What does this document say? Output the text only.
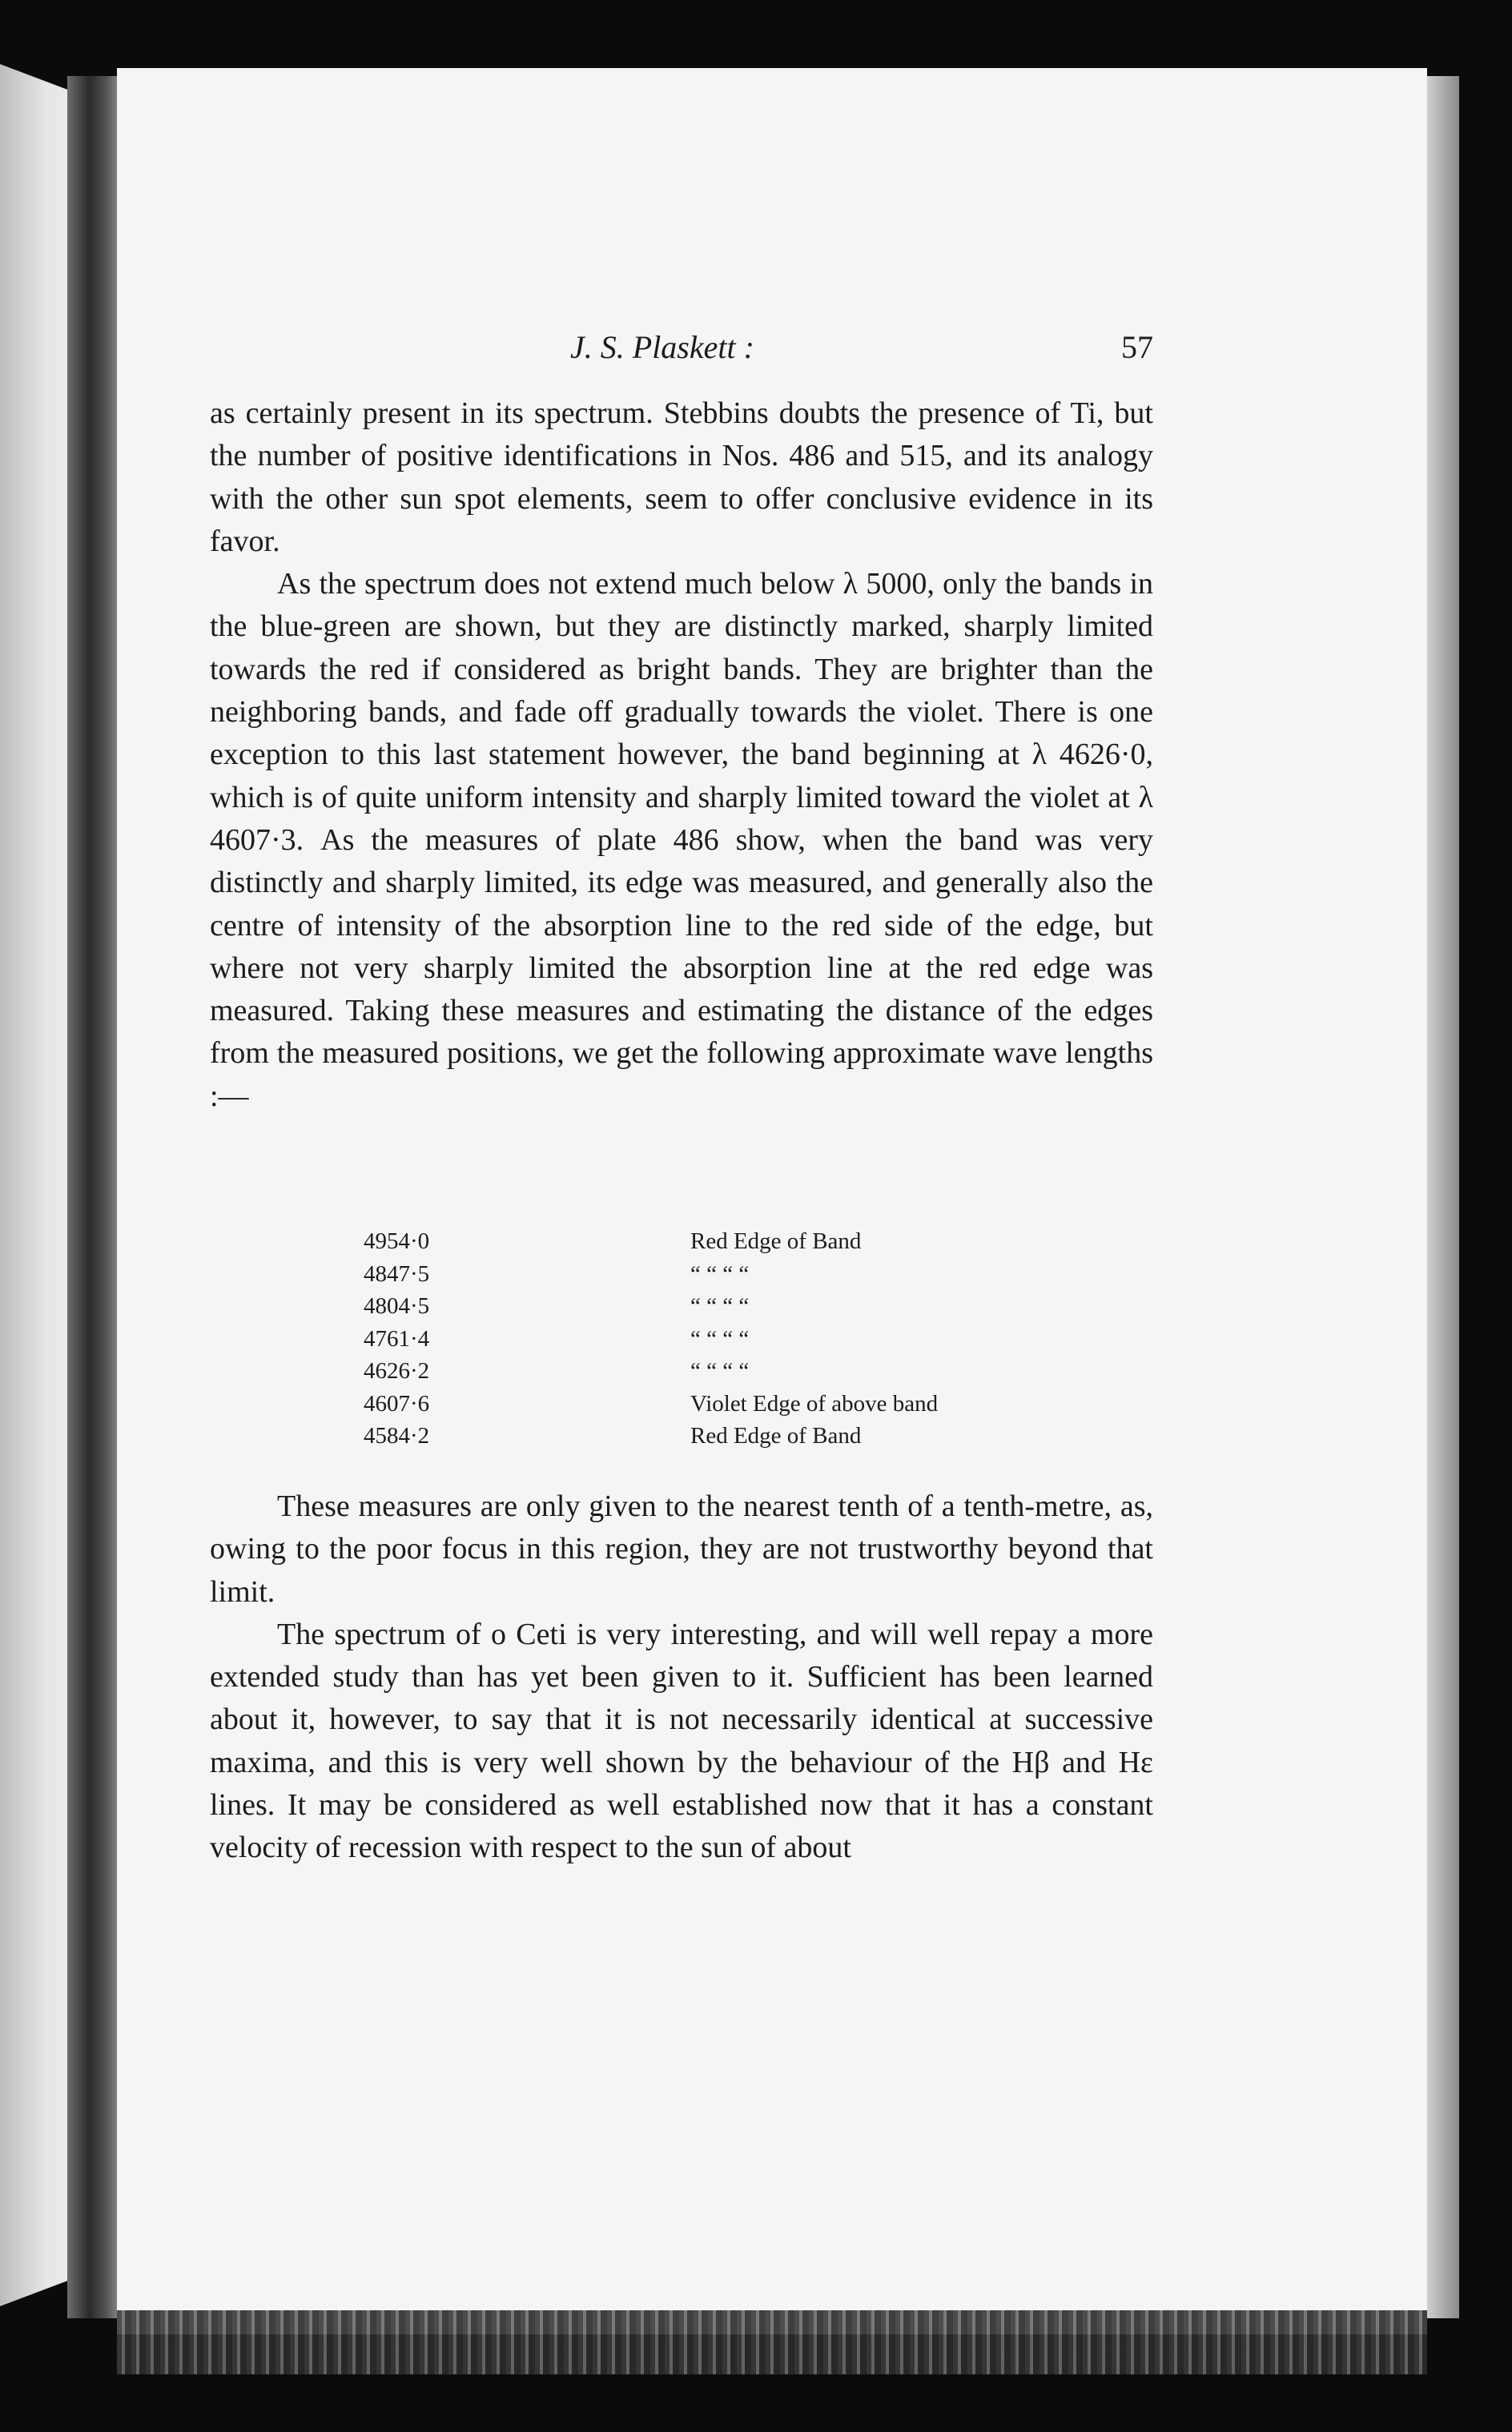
J. S. Plaskett :	57

as certainly present in its spectrum. Stebbins doubts the presence of Ti, but the number of positive identifications in Nos. 486 and 515, and its analogy with the other sun spot elements, seem to offer conclusive evidence in its favor.

As the spectrum does not extend much below λ 5000, only the bands in the blue-green are shown, but they are distinctly marked, sharply limited towards the red if considered as bright bands. They are brighter than the neighboring bands, and fade off gradually towards the violet. There is one exception to this last statement however, the band beginning at λ 4626·0, which is of quite uniform intensity and sharply limited toward the violet at λ 4607·3. As the measures of plate 486 show, when the band was very distinctly and sharply limited, its edge was measured, and generally also the centre of intensity of the absorption line to the red side of the edge, but where not very sharply limited the absorption line at the red edge was measured. Taking these measures and estimating the distance of the edges from the measured positions, we get the following approximate wave lengths :—

4954·0	Red Edge of Band
4847·5	“ “ “ “
4804·5	“ “ “ “
4761·4	“ “ “ “
4626·2	“ “ “ “
4607·6	Violet Edge of above band
4584·2	Red Edge of Band

These measures are only given to the nearest tenth of a tenth-metre, as, owing to the poor focus in this region, they are not trustworthy beyond that limit.

The spectrum of o Ceti is very interesting, and will well repay a more extended study than has yet been given to it. Sufficient has been learned about it, however, to say that it is not necessarily identical at successive maxima, and this is very well shown by the behaviour of the Hβ and Hε lines. It may be considered as well established now that it has a constant velocity of recession with respect to the sun of about
